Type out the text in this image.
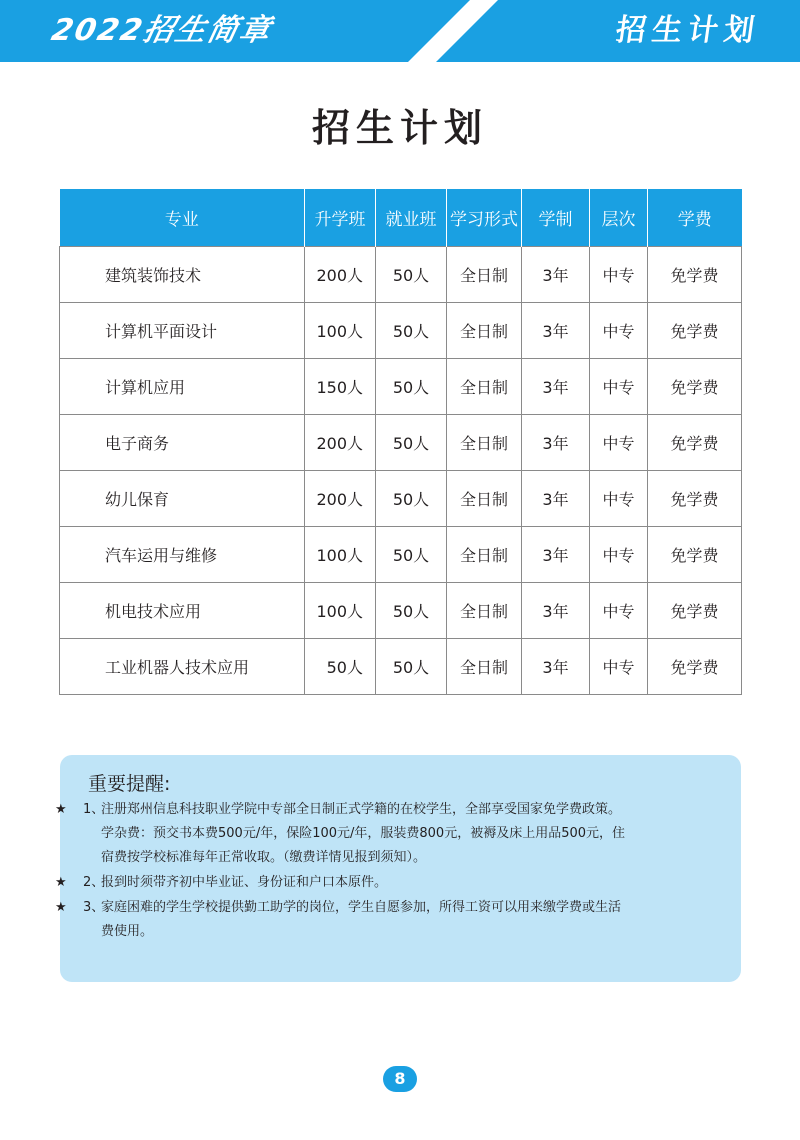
2022招生简章	招生计划
招生计划
专业	升学班	就业班	学习形式	学制	层次	学费
建筑装饰技术	200人	50人	全日制	3年	中专	免学费
计算机平面设计	100人	50人	全日制	3年	中专	免学费
计算机应用	150人	50人	全日制	3年	中专	免学费
电子商务	200人	50人	全日制	3年	中专	免学费
幼儿保育	200人	50人	全日制	3年	中专	免学费
汽车运用与维修	100人	50人	全日制	3年	中专	免学费
机电技术应用	100人	50人	全日制	3年	中专	免学费
工业机器人技术应用	50人	50人	全日制	3年	中专	免学费
重要提醒:
★ 1、
注册郑州信息科技职业学院中专部全日制正式学籍的在校学生，全部享受国家免学费政策。
学杂费：预交书本费500元/年，保险100元/年，服装费800元，被褥及床上用品500元，住
宿费按学校标准每年正常收取。（缴费详情见报到须知）。
★ 2、
报到时须带齐初中毕业证、身份证和户口本原件。
★ 3、
家庭困难的学生学校提供勤工助学的岗位，学生自愿参加，所得工资可以用来缴学费或生活
费使用。
8
